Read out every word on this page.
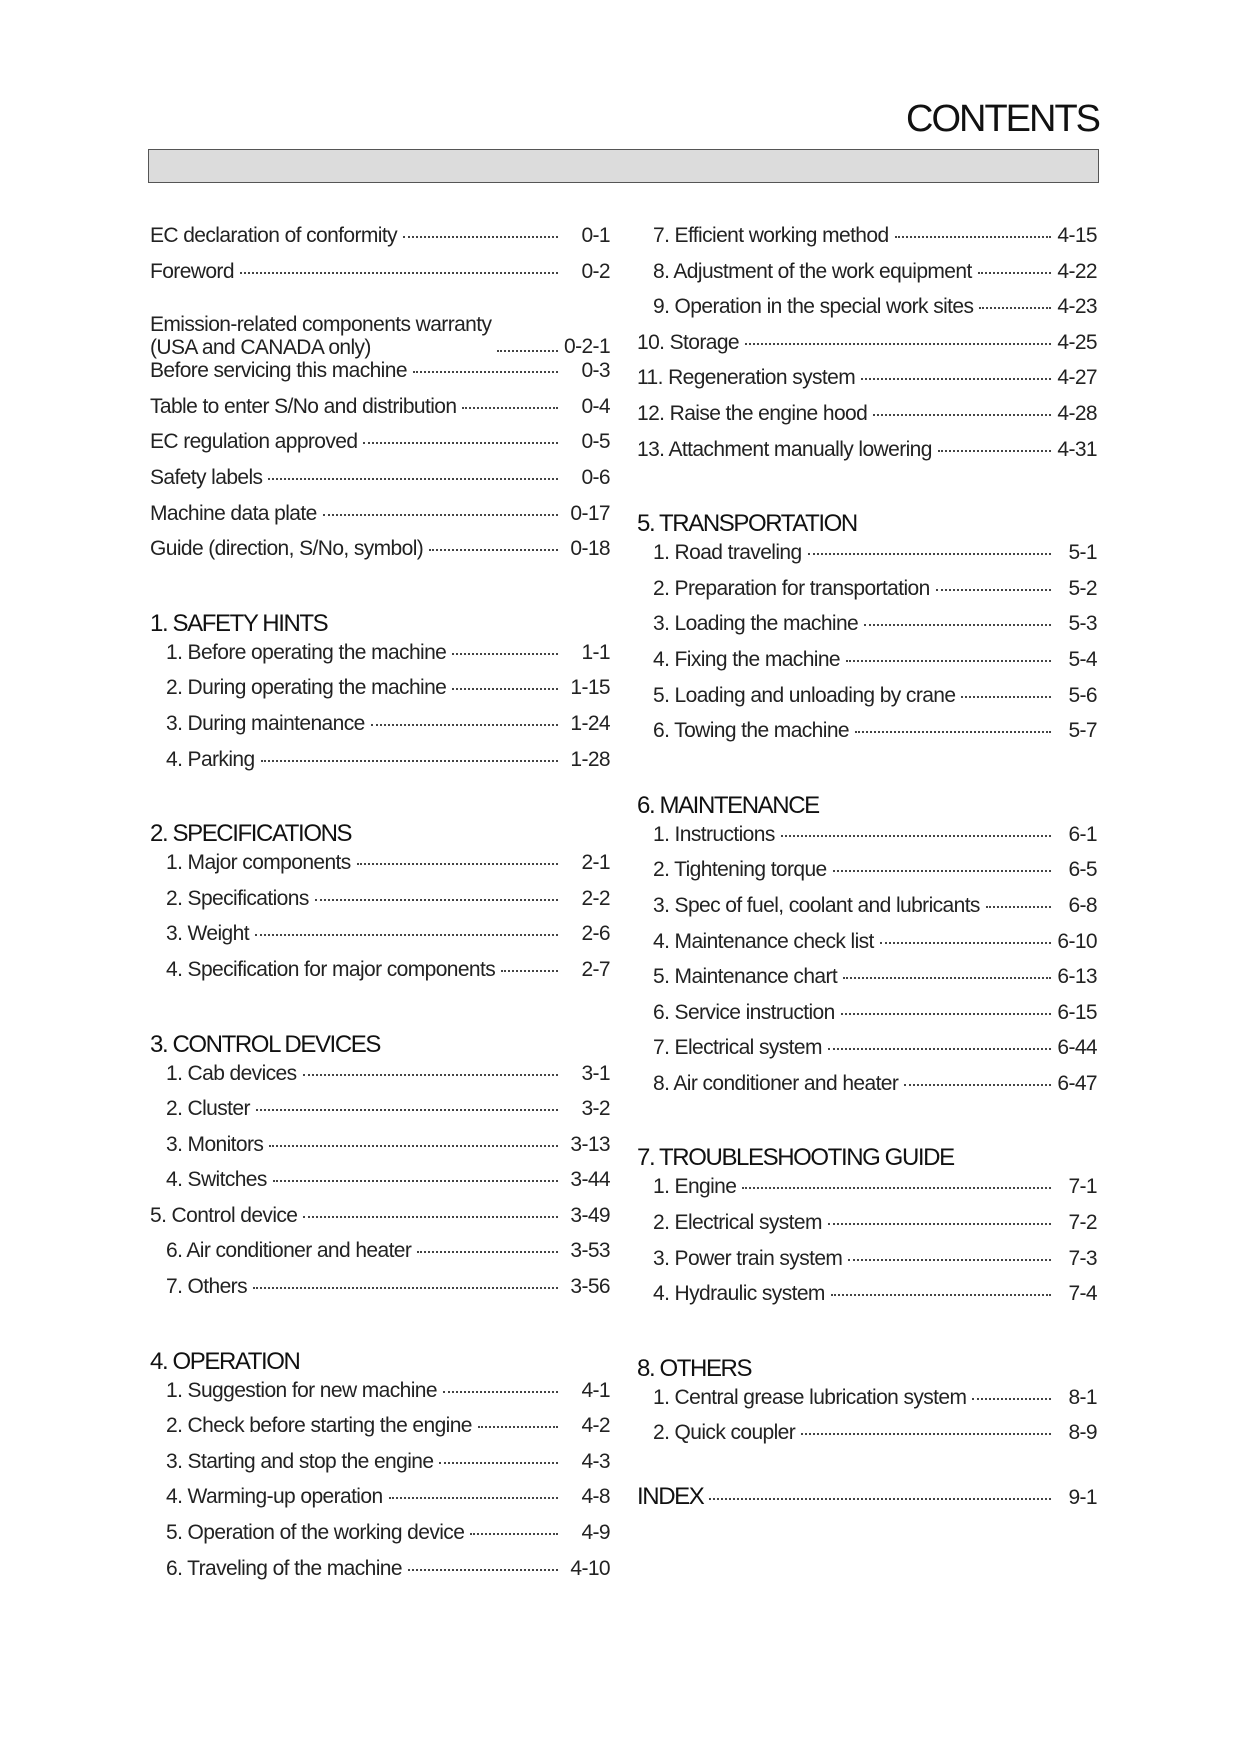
CONTENTS
EC declaration of conformity	0-1
Foreword	0-2
Emission-related components warranty
(USA and CANADA only)	0-2-1
Before servicing this machine	0-3
Table to enter S/No and distribution	0-4
EC regulation approved	0-5
Safety labels	0-6
Machine data plate	0-17
Guide (direction, S/No, symbol)	0-18
1. SAFETY HINTS
1. Before operating the machine	1-1
2. During operating the machine	1-15
3. During maintenance	1-24
4. Parking	1-28
2. SPECIFICATIONS
1. Major components	2-1
2. Specifications	2-2
3. Weight	2-6
4. Specification for major components	2-7
3. CONTROL DEVICES
1. Cab devices	3-1
2. Cluster	3-2
3. Monitors	3-13
4. Switches	3-44
5. Control device	3-49
6. Air conditioner and heater	3-53
7. Others	3-56
4. OPERATION
1. Suggestion for new machine	4-1
2. Check before starting the engine	4-2
3. Starting and stop the engine	4-3
4. Warming-up operation	4-8
5. Operation of the working device	4-9
6. Traveling of the machine	4-10
7. Efficient working method	4-15
8. Adjustment of the work equipment	4-22
9. Operation in the special work sites	4-23
10. Storage	4-25
11. Regeneration system	4-27
12. Raise the engine hood	4-28
13. Attachment manually lowering	4-31
5. TRANSPORTATION
1. Road traveling	5-1
2. Preparation for transportation	5-2
3. Loading the machine	5-3
4. Fixing the machine	5-4
5. Loading and unloading by crane	5-6
6. Towing the machine	5-7
6. MAINTENANCE
1. Instructions	6-1
2. Tightening torque	6-5
3. Spec of fuel, coolant and lubricants	6-8
4. Maintenance check list	6-10
5. Maintenance chart	6-13
6. Service instruction	6-15
7. Electrical system	6-44
8. Air conditioner and heater	6-47
7. TROUBLESHOOTING GUIDE
1. Engine	7-1
2. Electrical system	7-2
3. Power train system	7-3
4. Hydraulic system	7-4
8. OTHERS
1. Central grease lubrication system	8-1
2. Quick coupler	8-9
INDEX	9-1
